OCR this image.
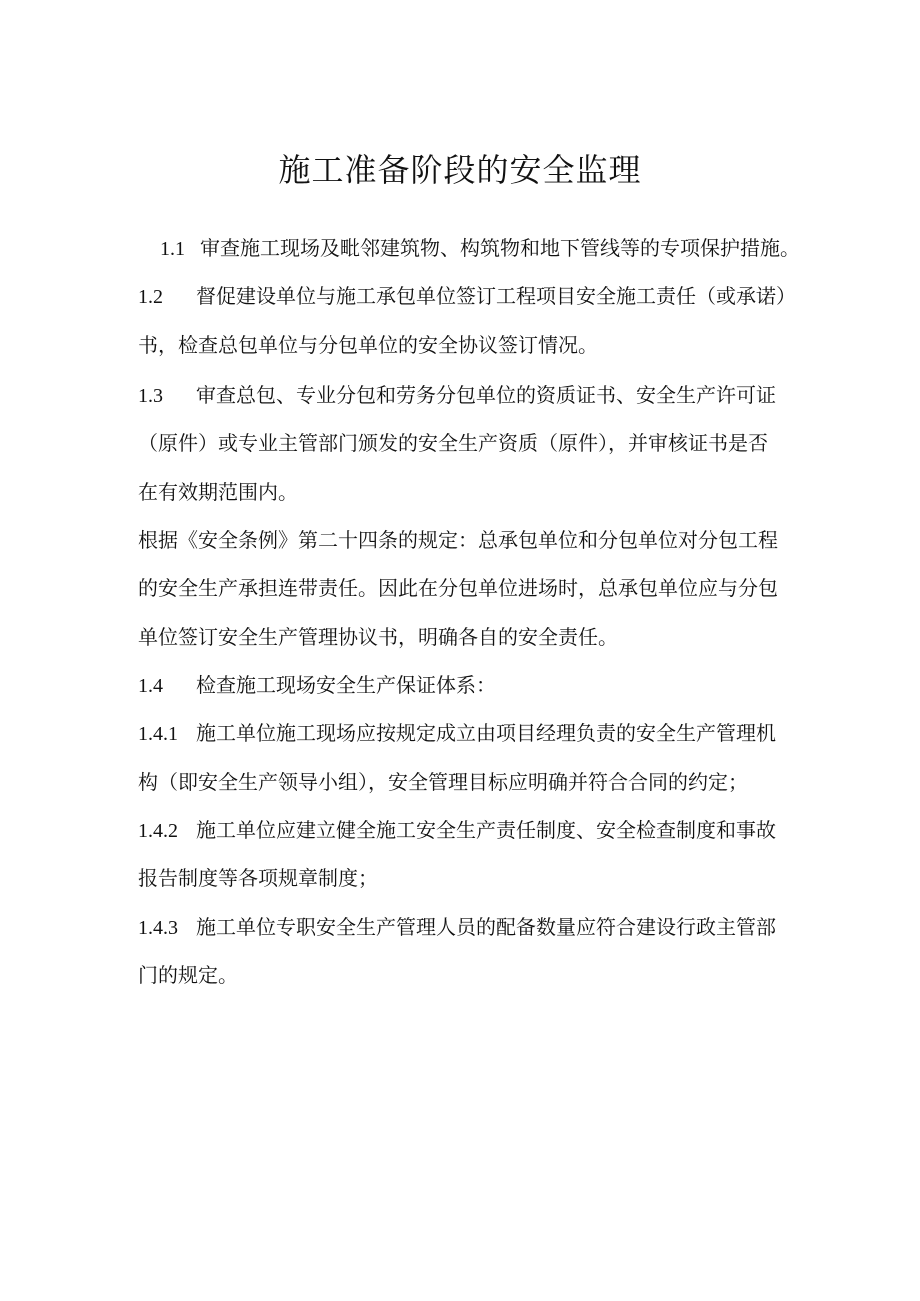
施工准备阶段的安全监理

1.1 审查施工现场及毗邻建筑物、构筑物和地下管线等的专项保护措施。

1.2 督促建设单位与施工承包单位签订工程项目安全施工责任（或承诺）

书，检查总包单位与分包单位的安全协议签订情况。

1.3 审查总包、专业分包和劳务分包单位的资质证书、安全生产许可证

（原件）或专业主管部门颁发的安全生产资质（原件），并审核证书是否

在有效期范围内。

根据《安全条例》第二十四条的规定：总承包单位和分包单位对分包工程

的安全生产承担连带责任。因此在分包单位进场时，总承包单位应与分包

单位签订安全生产管理协议书，明确各自的安全责任。

1.4 检查施工现场安全生产保证体系：

1.4.1 施工单位施工现场应按规定成立由项目经理负责的安全生产管理机

构（即安全生产领导小组），安全管理目标应明确并符合合同的约定；

1.4.2 施工单位应建立健全施工安全生产责任制度、安全检查制度和事故

报告制度等各项规章制度；

1.4.3 施工单位专职安全生产管理人员的配备数量应符合建设行政主管部

门的规定。
